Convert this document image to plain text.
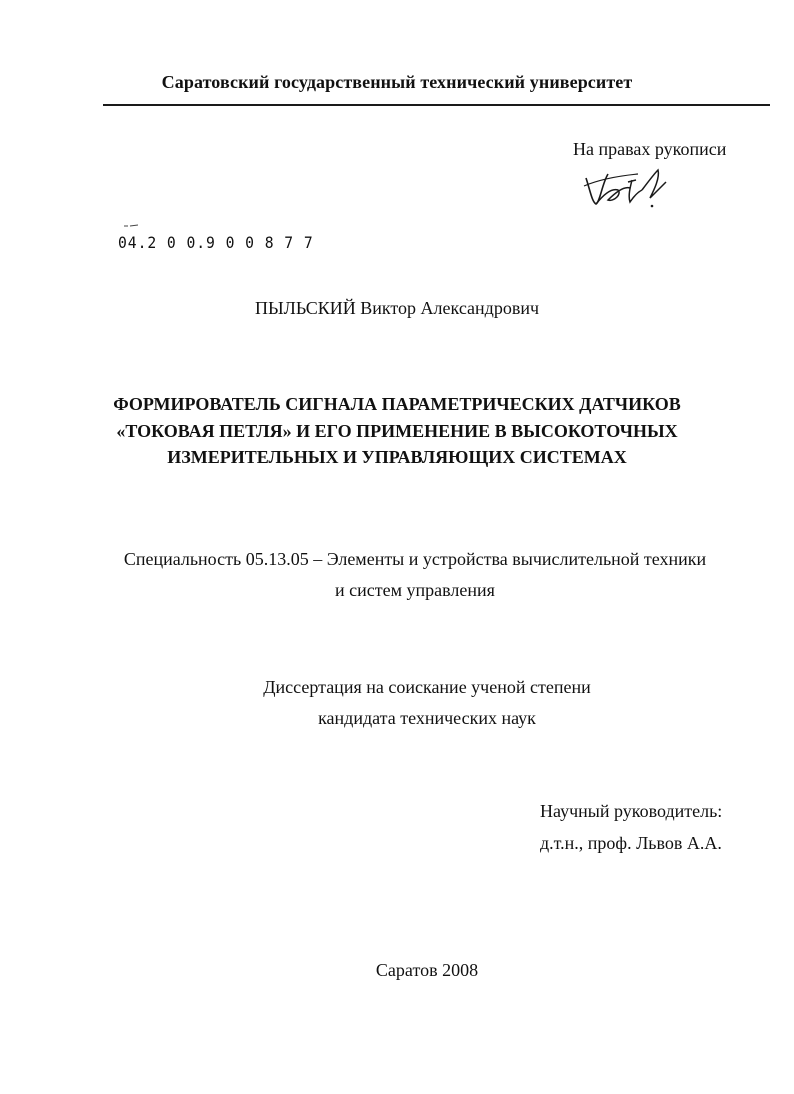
Саратовский государственный технический университет
На правах рукописи
04.2 0 0.9 0 0 8 7 7
ПЫЛЬСКИЙ Виктор Александрович
ФОРМИРОВАТЕЛЬ СИГНАЛА ПАРАМЕТРИЧЕСКИХ ДАТЧИКОВ
«ТОКОВАЯ ПЕТЛЯ» И ЕГО ПРИМЕНЕНИЕ В ВЫСОКОТОЧНЫХ
ИЗМЕРИТЕЛЬНЫХ И УПРАВЛЯЮЩИХ СИСТЕМАХ
Специальность 05.13.05 – Элементы и устройства вычислительной техники
и систем управления
Диссертация на соискание ученой степени
кандидата технических наук
Научный руководитель:
д.т.н., проф. Львов А.А.
Саратов 2008
